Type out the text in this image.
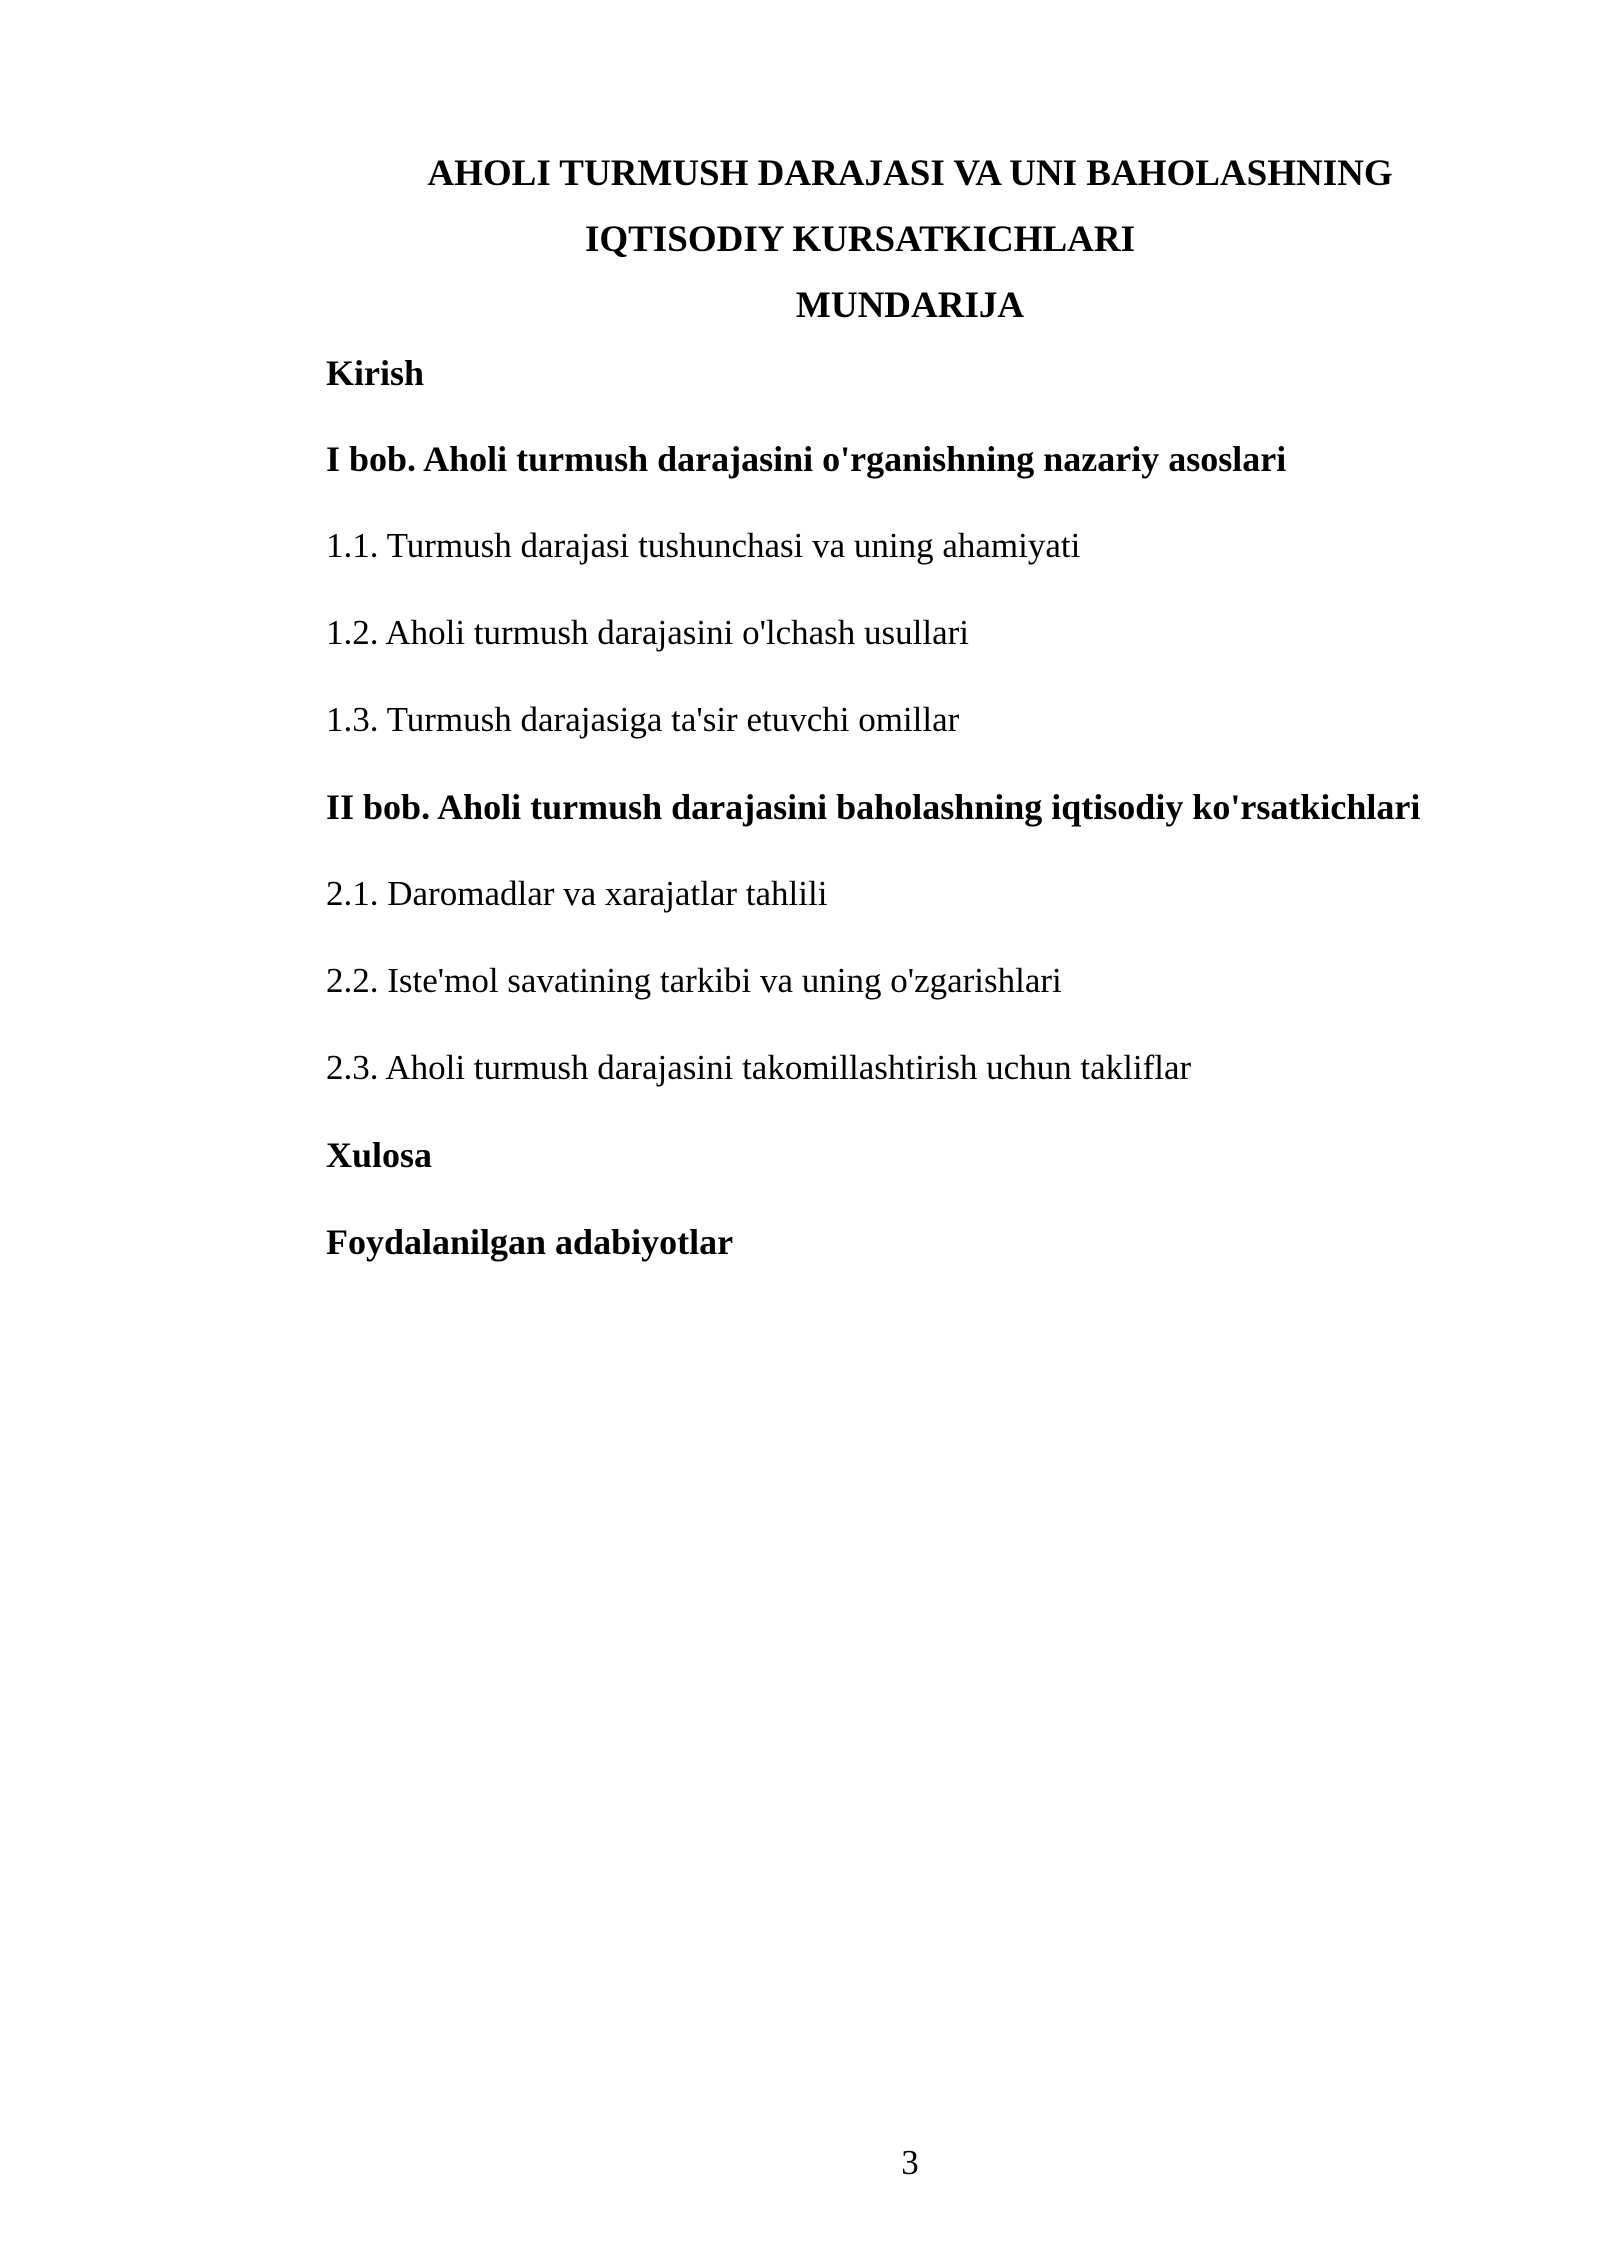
AHOLI TURMUSH DARAJASI VA UNI BAHOLASHNING
IQTISODIY KURSATKICHLARI
MUNDARIJA
Kirish
I bob. Aholi turmush darajasini o'rganishning nazariy asoslari
1.1. Turmush darajasi tushunchasi va uning ahamiyati
1.2. Aholi turmush darajasini o'lchash usullari
1.3. Turmush darajasiga ta'sir etuvchi omillar
II bob. Aholi turmush darajasini baholashning iqtisodiy ko'rsatkichlari
2.1. Daromadlar va xarajatlar tahlili
2.2. Iste'mol savatining tarkibi va uning o'zgarishlari
2.3. Aholi turmush darajasini takomillashtirish uchun takliflar
Xulosa
Foydalanilgan adabiyotlar
3
